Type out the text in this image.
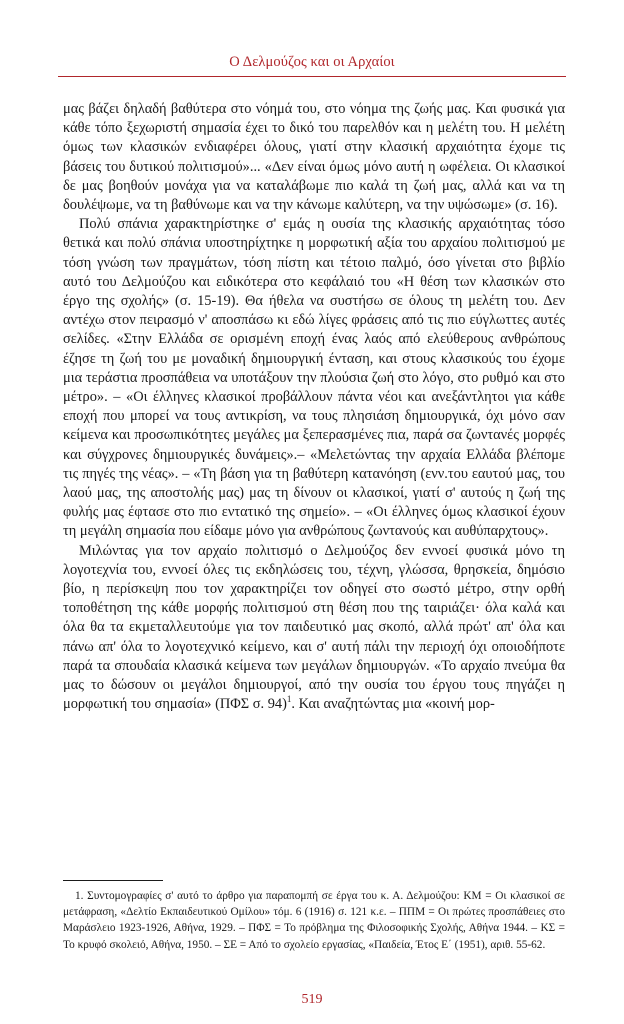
Ο Δελμούζος και οι Αρχαίοι

μας βάζει δηλαδή βαθύτερα στο νόημά του, στο νόημα της ζωής μας. Και φυσικά για κάθε τόπο ξεχωριστή σημασία έχει το δικό του παρελθόν και η μελέτη του. Η μελέτη όμως των κλασικών ενδιαφέρει όλους, γιατί στην κλασική αρχαιότητα έχομε τις βάσεις του δυτικού πολιτισμού»... «Δεν είναι όμως μόνο αυτή η ωφέλεια. Οι κλασικοί δε μας βοηθούν μονάχα για να καταλάβωμε πιο καλά τη ζωή μας, αλλά και να τη δουλέψωμε, να τη βαθύνωμε και να την κάνωμε καλύτερη, να την υψώσωμε» (σ. 16).

Πολύ σπάνια χαρακτηρίστηκε σ' εμάς η ουσία της κλασικής αρχαιότητας τόσο θετικά και πολύ σπάνια υποστηρίχτηκε η μορφωτική αξία του αρχαίου πολιτισμού με τόση γνώση των πραγμάτων, τόση πίστη και τέτοιο παλμό, όσο γίνεται στο βιβλίο αυτό του Δελμούζου και ειδικότερα στο κεφάλαιό του «Η θέση των κλασικών στο έργο της σχολής» (σ. 15-19). Θα ήθελα να συστήσω σε όλους τη μελέτη του. Δεν αντέχω στον πειρασμό ν' αποσπάσω κι εδώ λίγες φράσεις από τις πιο εύγλωττες αυτές σελίδες. «Στην Ελλάδα σε ορισμένη εποχή ένας λαός από ελεύθερους ανθρώπους έζησε τη ζωή του με μοναδική δημιουργική ένταση, και στους κλασικούς του έχομε μια τεράστια προσπάθεια να υποτάξουν την πλούσια ζωή στο λόγο, στο ρυθμό και στο μέτρο». – «Οι έλληνες κλασικοί προβάλλουν πάντα νέοι και ανεξάντλητοι για κάθε εποχή που μπορεί να τους αντικρίση, να τους πλησιάση δημιουργικά, όχι μόνο σαν κείμενα και προσωπικότητες μεγάλες μα ξεπερασμένες πια, παρά σα ζωντανές μορφές και σύγχρονες δημιουργικές δυνάμεις».– «Μελετώντας την αρχαία Ελλάδα βλέπομε τις πηγές της νέας». – «Τη βάση για τη βαθύτερη κατανόηση (ενν.του εαυτού μας, του λαού μας, της αποστολής μας) μας τη δίνουν οι κλασικοί, γιατί σ' αυτούς η ζωή της φυλής μας έφτασε στο πιο εντατικό της σημείο». – «Οι έλληνες όμως κλασικοί έχουν τη μεγάλη σημασία που είδαμε μόνο για ανθρώπους ζωντανούς και αυθύπαρχτους».

Μιλώντας για τον αρχαίο πολιτισμό ο Δελμούζος δεν εννοεί φυσικά μόνο τη λογοτεχνία του, εννοεί όλες τις εκδηλώσεις του, τέχνη, γλώσσα, θρησκεία, δημόσιο βίο, η περίσκεψη που τον χαρακτηρίζει τον οδηγεί στο σωστό μέτρο, στην ορθή τοποθέτηση της κάθε μορφής πολιτισμού στη θέση που της ταιριάζει· όλα καλά και όλα θα τα εκμεταλλευτούμε για τον παιδευτικό μας σκοπό, αλλά πρώτ' απ' όλα και πάνω απ' όλα το λογοτεχνικό κείμενο, και σ' αυτή πάλι την περιοχή όχι οποιοδήποτε παρά τα σπουδαία κλασικά κείμενα των μεγάλων δημιουργών. «Το αρχαίο πνεύμα θα μας το δώσουν οι μεγάλοι δημιουργοί, από την ουσία του έργου τους πηγάζει η μορφωτική του σημασία» (ΠΦΣ σ. 94)$^1$. Και αναζητώντας μια «κοινή μορ-

1. Συντομογραφίες σ' αυτό το άρθρο για παραπομπή σε έργα του κ. Α. Δελμούζου: ΚΜ = Οι κλασικοί σε μετάφραση, «Δελτίο Εκπαιδευτικού Ομίλου» τόμ. 6 (1916) σ. 121 κ.ε. – ΠΠΜ = Οι πρώτες προσπάθειες στο Μαράσλειο 1923-1926, Αθήνα, 1929. – ΠΦΣ = Το πρόβλημα της Φιλοσοφικής Σχολής, Αθήνα 1944. – ΚΣ = Το κρυφό σκολειό, Αθήνα, 1950. – ΣΕ = Από το σχολείο εργασίας, «Παιδεία, Έτος Ε΄ (1951), αριθ. 55-62.

519
